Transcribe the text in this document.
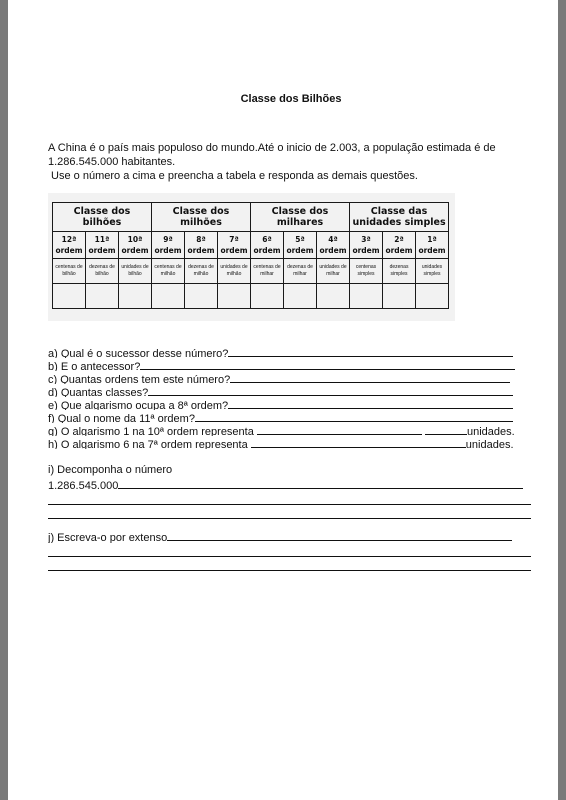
Classe dos Bilhões
A China é o país mais populoso do mundo.Até o inicio de 2.003, a população estimada é de
1.286.545.000 habitantes.
Use o número a cima e preencha a tabela e responda as demais questões.
Classe dos bilhões			Classe dos milhões			Classe dos milhares			Classe das unidades simples		
12ª ordem	11ª ordem	10ª ordem	9ª ordem	8ª ordem	7ª ordem	6ª ordem	5ª ordem	4ª ordem	3ª ordem	2ª ordem	1ª ordem
centenas de bilhão	dezenas de bilhão	unidades de bilhão	centenas de milhão	dezenas de milhão	unidades de milhão	centenas de milhar	dezenas de milhar	unidades de milhar	centenas simples	dezenas simples	unidades simples

a) Qual é o sucessor desse número?
b) E o antecessor?
c) Quantas ordens tem este número?
d) Quantas classes?
e) Que algarismo ocupa a 8ª ordem?
f) Qual o nome da 11ª ordem?
g) O algarismo 1 na 10ª ordem representa	unidades.
h) O algarismo 6 na 7ª ordem representa	unidades.
i) Decomponha o número
1.286.545.000
j) Escreva-o por extenso
